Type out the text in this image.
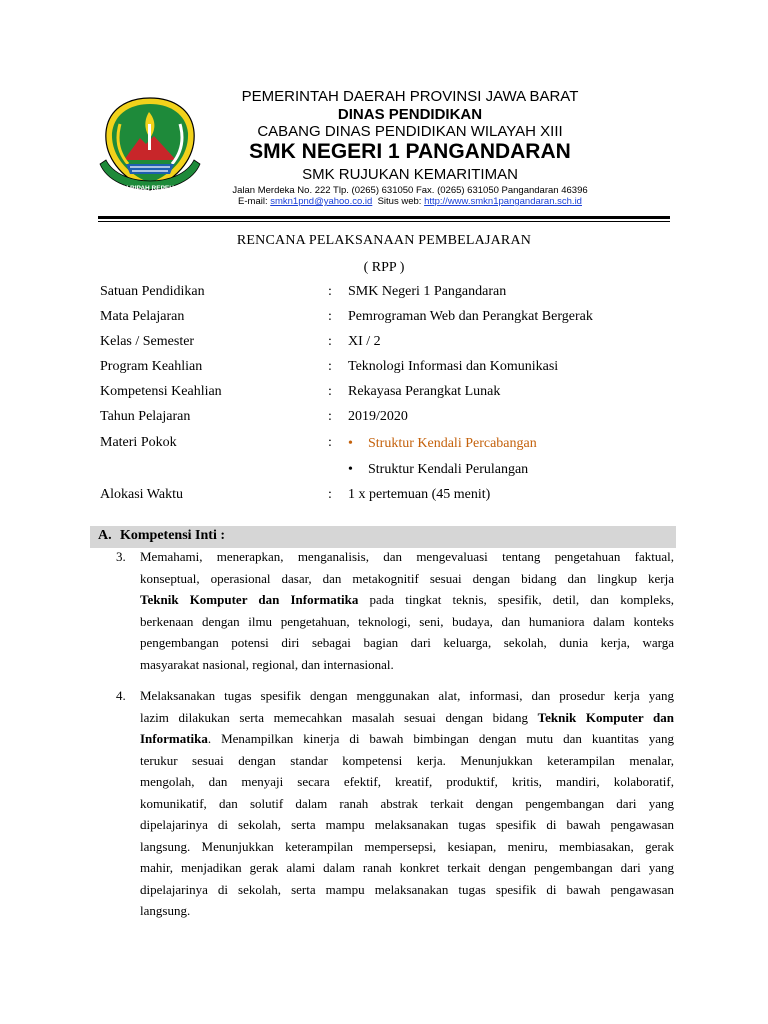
GEMAH RIPAH REPEH RAPIH
PEMERINTAH DAERAH PROVINSI JAWA BARAT
DINAS PENDIDIKAN
CABANG DINAS PENDIDIKAN WILAYAH XIII
SMK NEGERI 1 PANGANDARAN
SMK RUJUKAN KEMARITIMAN
Jalan Merdeka No. 222 Tlp. (0265) 631050 Fax. (0265) 631050 Pangandaran 46396
E-mail: smkn1pnd@yahoo.co.id Situs web: http://www.smkn1pangandaran.sch.id
RENCANA PELAKSANAAN PEMBELAJARAN
( RPP )
Satuan Pendidikan	: SMK Negeri 1 Pangandaran
Mata Pelajaran	: Pemrograman Web dan Perangkat Bergerak
Kelas / Semester	: XI / 2
Program Keahlian	: Teknologi Informasi dan Komunikasi
Kompetensi Keahlian	: Rekayasa Perangkat Lunak
Tahun Pelajaran	: 2019/2020
Materi Pokok	: • Struktur Kendali Percabangan
• Struktur Kendali Perulangan
Alokasi Waktu	: 1 x pertemuan (45 menit)
A. Kompetensi Inti :
3. Memahami, menerapkan, menganalisis, dan mengevaluasi tentang pengetahuan faktual,
konseptual, operasional dasar, dan metakognitif sesuai dengan bidang dan lingkup kerja
Teknik Komputer dan Informatika pada tingkat teknis, spesifik, detil, dan kompleks,
berkenaan dengan ilmu pengetahuan, teknologi, seni, budaya, dan humaniora dalam konteks
pengembangan potensi diri sebagai bagian dari keluarga, sekolah, dunia kerja, warga
masyarakat nasional, regional, dan internasional.
4. Melaksanakan tugas spesifik dengan menggunakan alat, informasi, dan prosedur kerja yang
lazim dilakukan serta memecahkan masalah sesuai dengan bidang Teknik Komputer dan
Informatika. Menampilkan kinerja di bawah bimbingan dengan mutu dan kuantitas yang
terukur sesuai dengan standar kompetensi kerja. Menunjukkan keterampilan menalar,
mengolah, dan menyaji secara efektif, kreatif, produktif, kritis, mandiri, kolaboratif,
komunikatif, dan solutif dalam ranah abstrak terkait dengan pengembangan dari yang
dipelajarinya di sekolah, serta mampu melaksanakan tugas spesifik di bawah pengawasan
langsung. Menunjukkan keterampilan mempersepsi, kesiapan, meniru, membiasakan, gerak
mahir, menjadikan gerak alami dalam ranah konkret terkait dengan pengembangan dari yang
dipelajarinya di sekolah, serta mampu melaksanakan tugas spesifik di bawah pengawasan
langsung.
